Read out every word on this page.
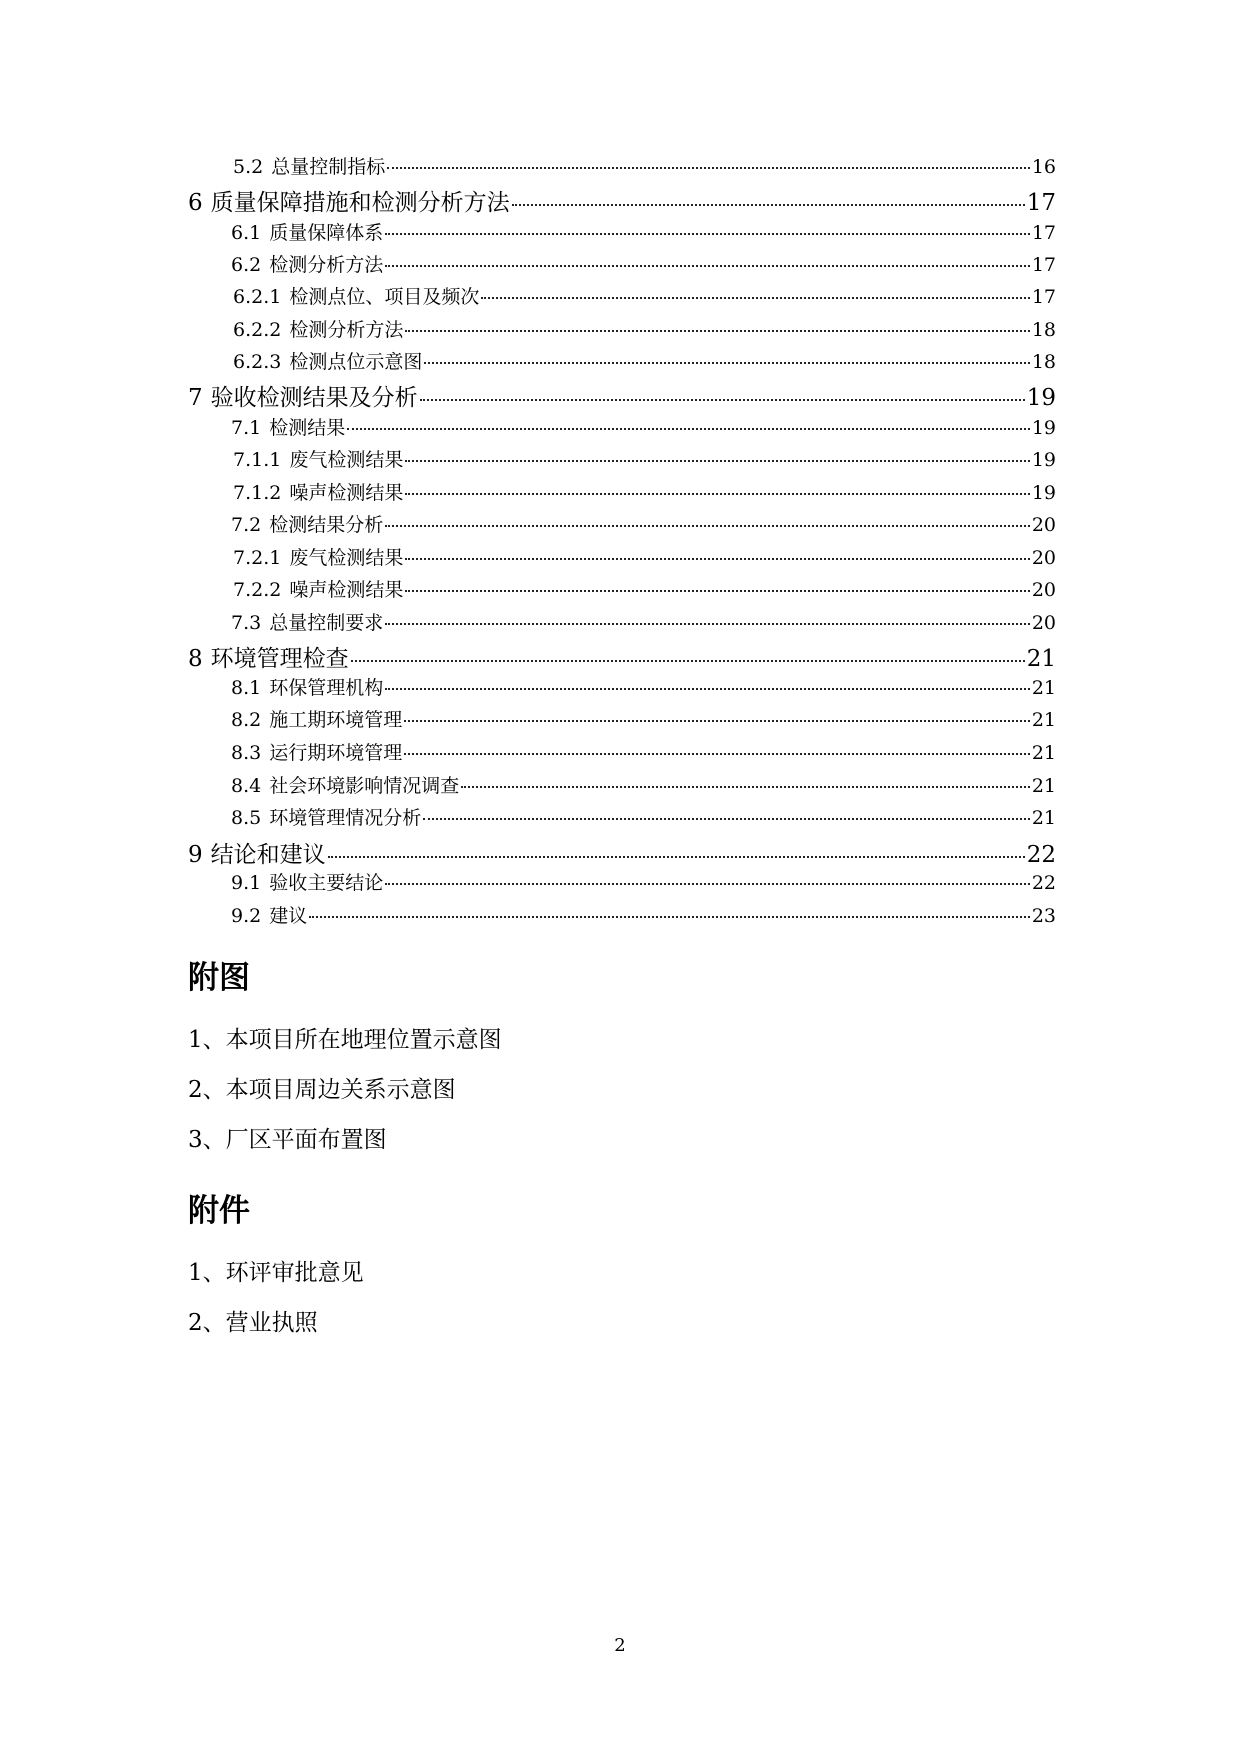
5.2 总量控制指标	16
6 质量保障措施和检测分析方法	17
6.1 质量保障体系	17
6.2 检测分析方法	17
6.2.1 检测点位、项目及频次	17
6.2.2 检测分析方法	18
6.2.3 检测点位示意图	18
7 验收检测结果及分析	19
7.1 检测结果	19
7.1.1 废气检测结果	19
7.1.2 噪声检测结果	19
7.2 检测结果分析	20
7.2.1 废气检测结果	20
7.2.2 噪声检测结果	20
7.3 总量控制要求	20
8 环境管理检查	21
8.1 环保管理机构	21
8.2 施工期环境管理	21
8.3 运行期环境管理	21
8.4 社会环境影响情况调查	21
8.5 环境管理情况分析	21
9 结论和建议	22
9.1 验收主要结论	22
9.2 建议	23
附图

1、本项目所在地理位置示意图

2、本项目周边关系示意图

3、厂区平面布置图

附件

1、环评审批意见

2、营业执照

2
